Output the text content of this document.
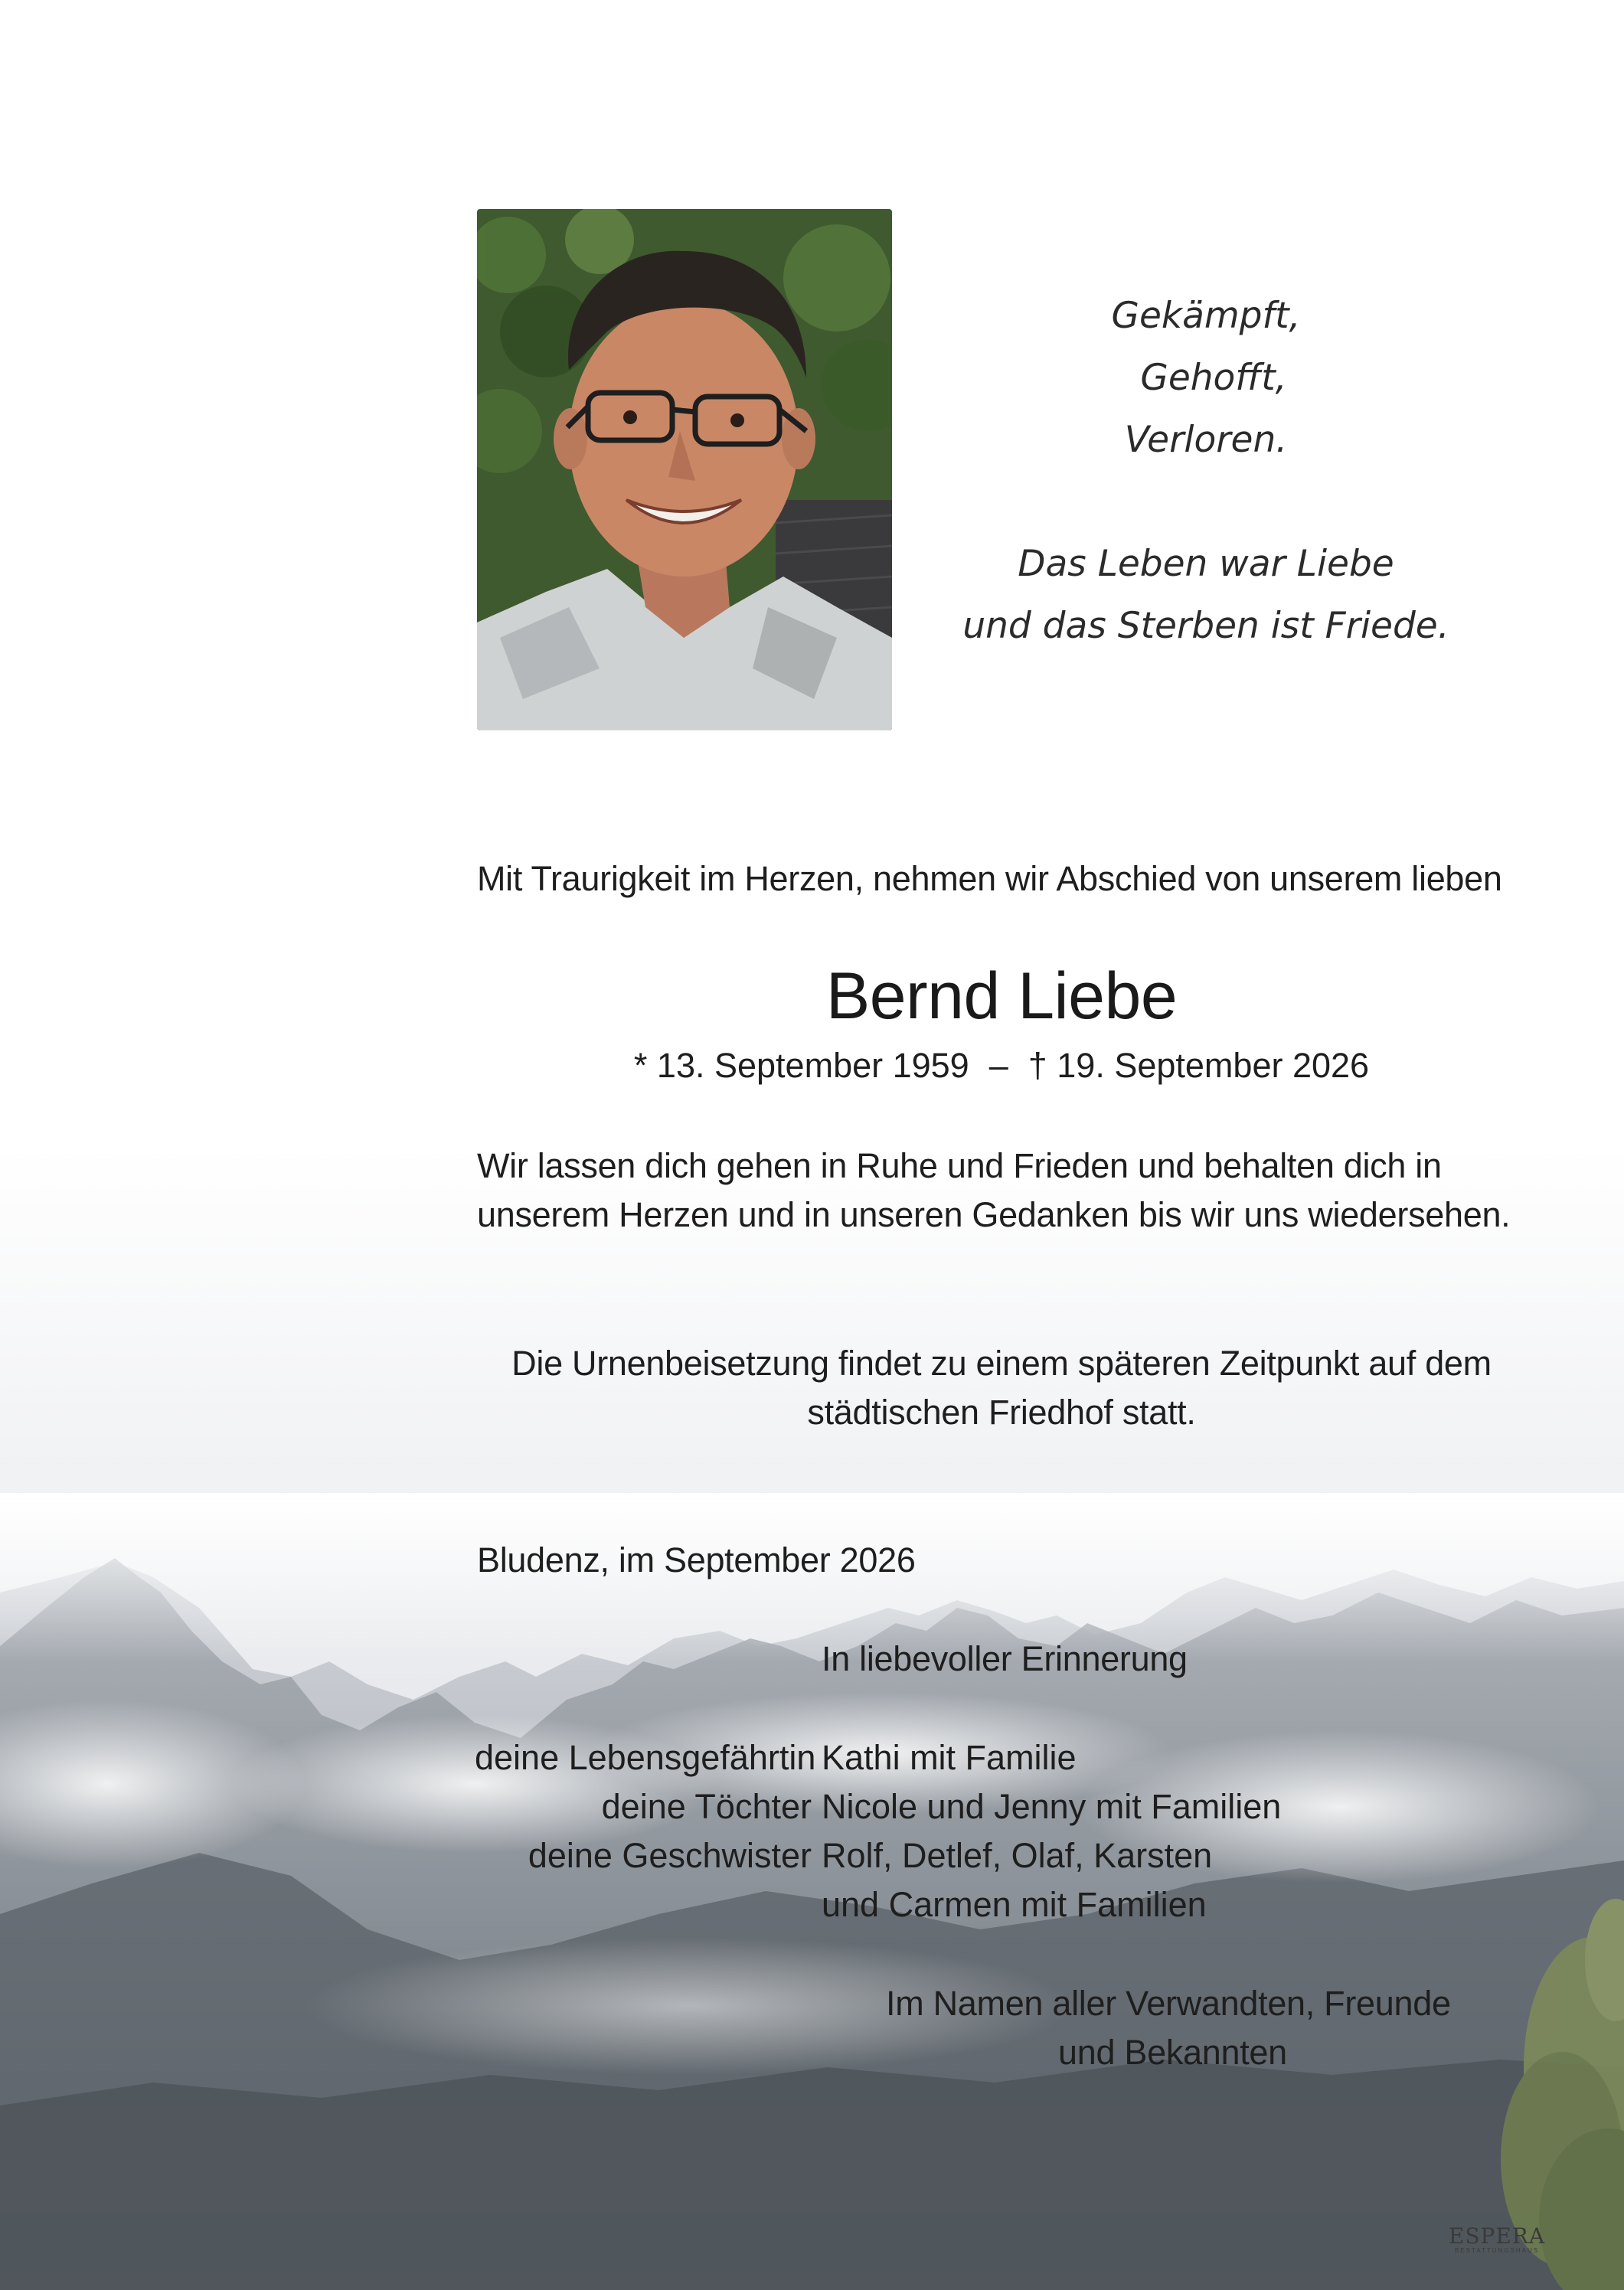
Gekämpft,
Gehofft,
Verloren.
Das Leben war Liebe
und das Sterben ist Friede.
Mit Traurigkeit im Herzen, nehmen wir Abschied von unserem lieben
Bernd Liebe
* 13. September 1959 – † 19. September 2026
Wir lassen dich gehen in Ruhe und Frieden und behalten dich in
unserem Herzen und in unseren Gedanken bis wir uns wiedersehen.
Die Urnenbeisetzung findet zu einem späteren Zeitpunkt auf dem
städtischen Friedhof statt.
Bludenz, im September 2026
In liebevoller Erinnerung
deine Lebensgefährtin Kathi mit Familie
deine Töchter Nicole und Jenny mit Familien
deine Geschwister Rolf, Detlef, Olaf, Karsten
und Carmen mit Familien
Im Namen aller Verwandten, Freunde
und Bekannten
ESPERA
BESTATTUNGSHAUS
